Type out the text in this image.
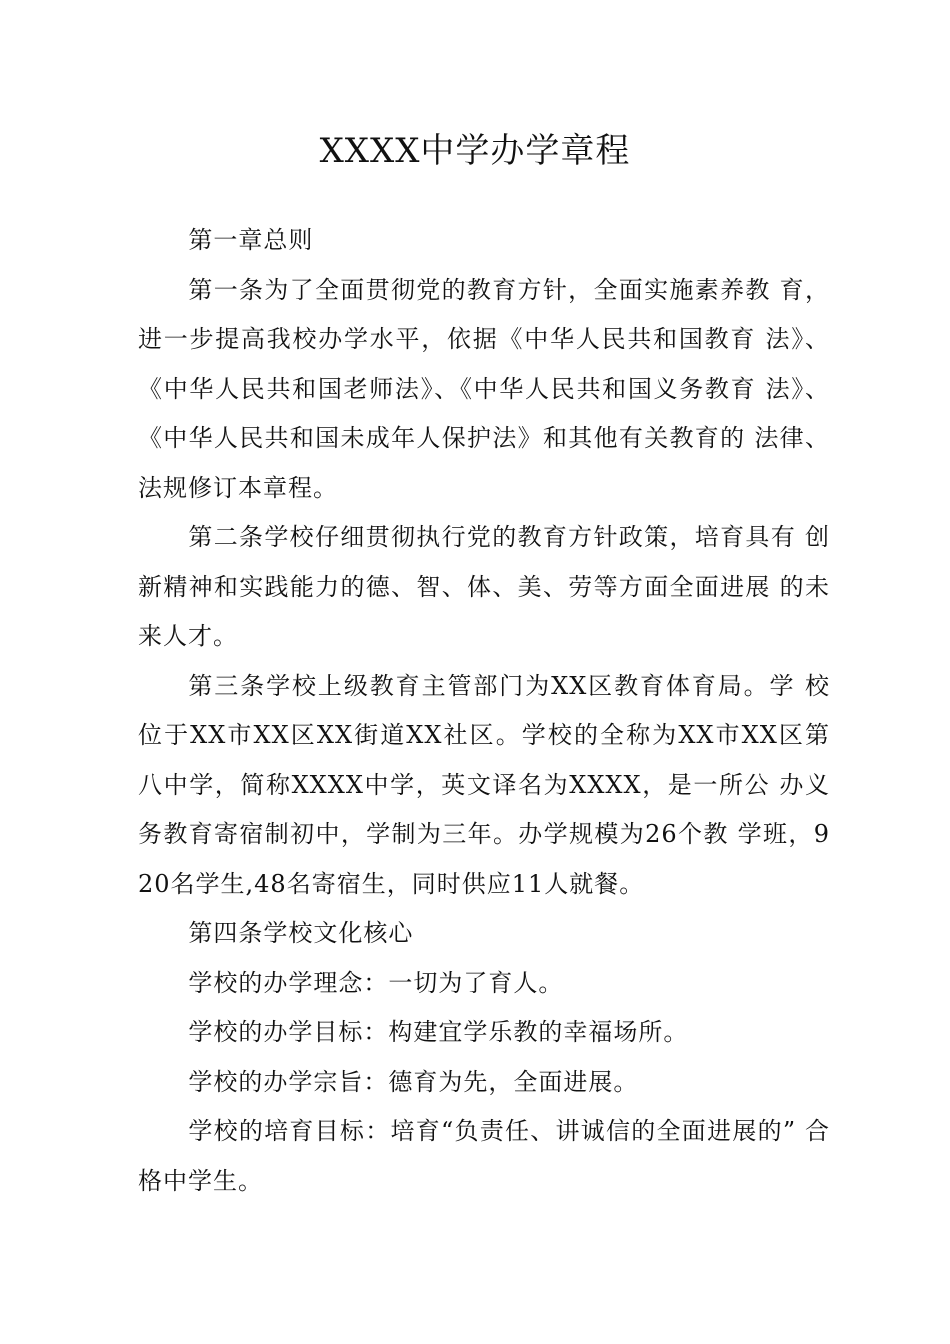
XXXX中学办学章程

第一章总则

第一条为了全面贯彻党的教育方针，全面实施素养教 育，进一步提高我校办学水平，依据《中华人民共和国教育 法》、《中华人民共和国老师法》、《中华人民共和国义务教育 法》、《中华人民共和国未成年人保护法》和其他有关教育的 法律、法规修订本章程。

第二条学校仔细贯彻执行党的教育方针政策，培育具有 创新精神和实践能力的德、智、体、美、劳等方面全面进展 的未来人才。

第三条学校上级教育主管部门为XX区教育体育局。学 校位于XX市XX区XX街道XX社区。学校的全称为XX市XX区第八中学，简称XXXX中学，英文译名为XXXX，是一所公 办义务教育寄宿制初中，学制为三年。办学规模为26个教 学班，920名学生,48名寄宿生，同时供应11人就餐。

第四条学校文化核心

学校的办学理念：一切为了育人。

学校的办学目标：构建宜学乐教的幸福场所。

学校的办学宗旨：德育为先，全面进展。

学校的培育目标：培育“负责任、讲诚信的全面进展的” 合格中学生。
